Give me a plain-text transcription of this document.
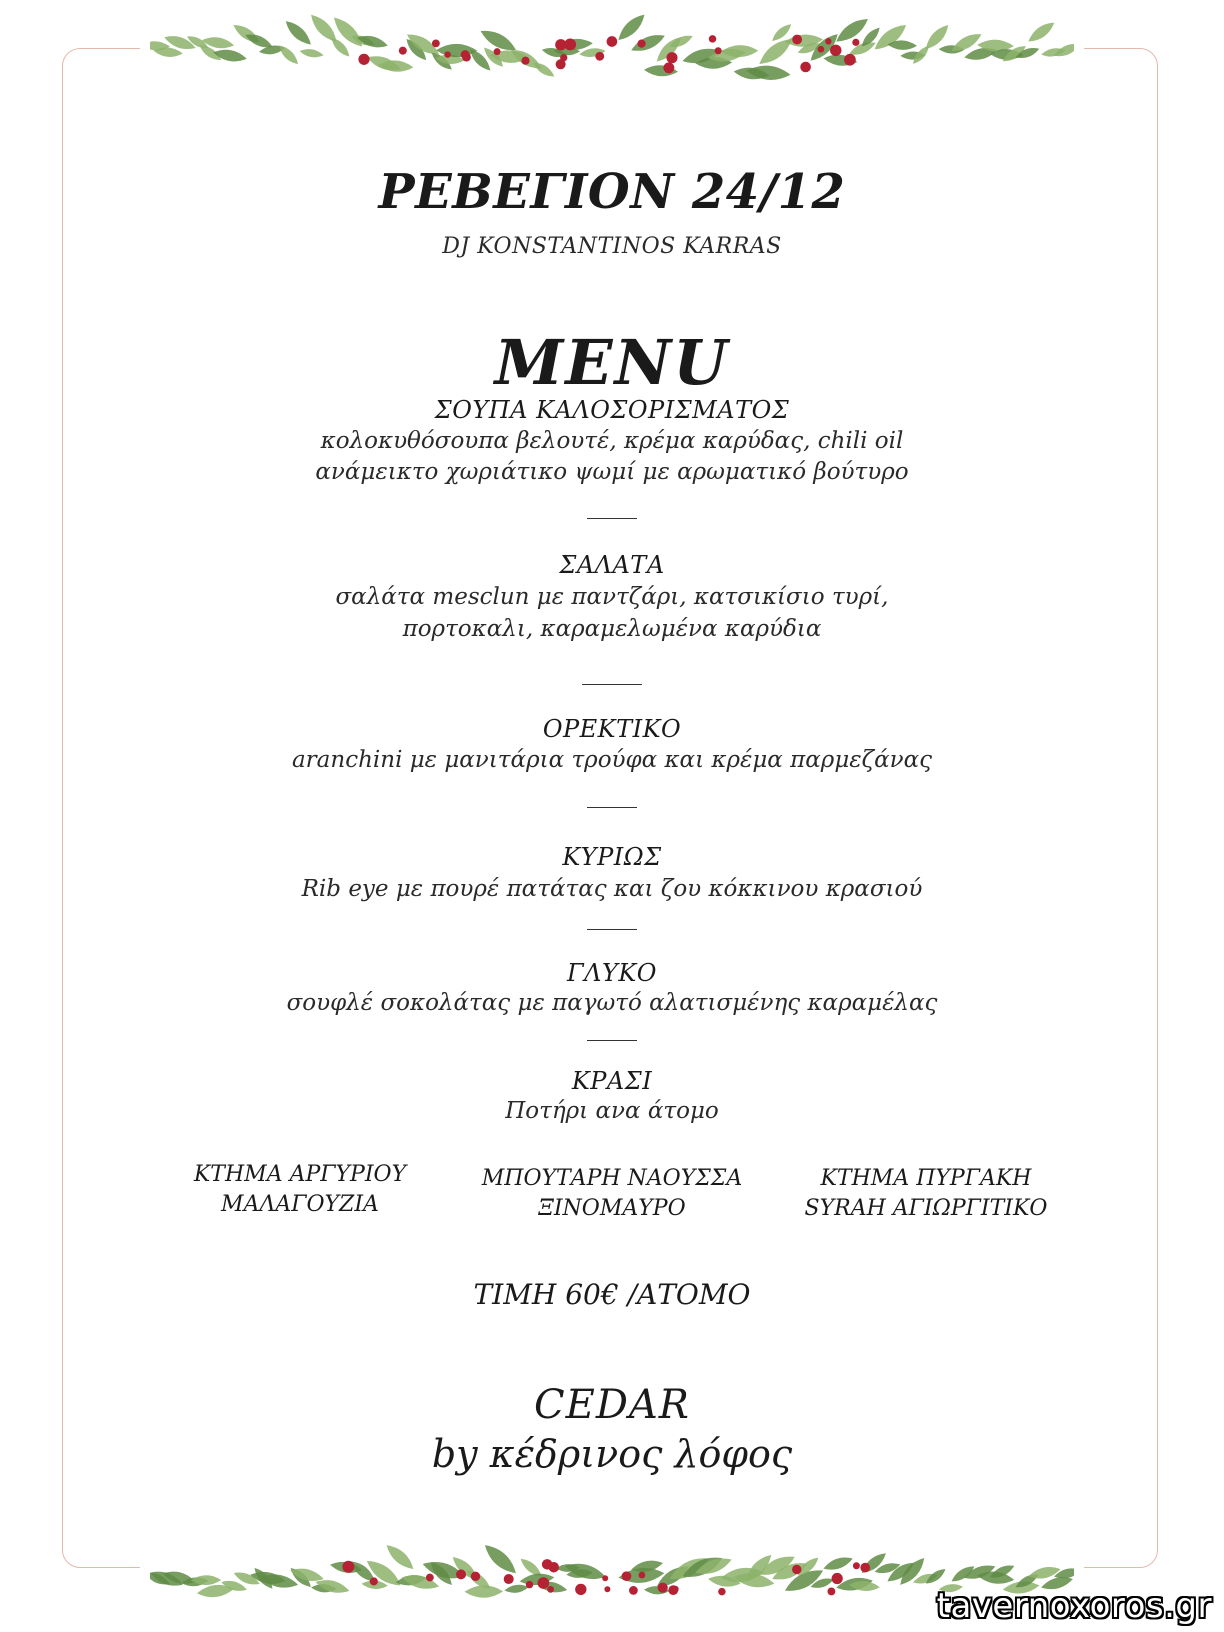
ΡΕΒΕΓΙΟΝ 24/12

DJ KONSTANTINOS KARRAS

MENU

ΣΟΥΠΑ ΚΑΛΟΣΟΡΙΣΜΑΤΟΣ

κολοκυθόσουπα βελουτέ, κρέμα καρύδας, chili oil

ανάμεικτο χωριάτικο ψωμί με αρωματικό βούτυρο

ΣΑΛΑΤΑ

σαλάτα mesclun με παντζάρι, κατσικίσιο τυρί,

πορτοκαλι, καραμελωμένα καρύδια

ΟΡΕΚΤΙΚΟ

aranchini με μανιτάρια τρούφα και κρέμα παρμεζάνας

ΚΥΡΙΩΣ

Rib eye με πουρέ πατάτας και ζου κόκκινου κρασιού

ΓΛΥΚΟ

σουφλέ σοκολάτας με παγωτό αλατισμένης καραμέλας

ΚΡΑΣΙ

Ποτήρι ανα άτομο

ΚΤΗΜΑ ΑΡΓΥΡΙΟΥ
ΜΑΛΑΓΟΥΖΙΑ
ΜΠΟΥΤΑΡΗ ΝΑΟΥΣΣΑ
ΞΙΝΟΜΑΥΡΟ
ΚΤΗΜΑ ΠΥΡΓΑΚΗ
SYRAH ΑΓΙΩΡΓΙΤΙΚΟ

ΤΙΜΗ 60€ /ΑΤΟΜΟ

CEDAR

by κέδρινος λόφος

tavernoxoros.gr
